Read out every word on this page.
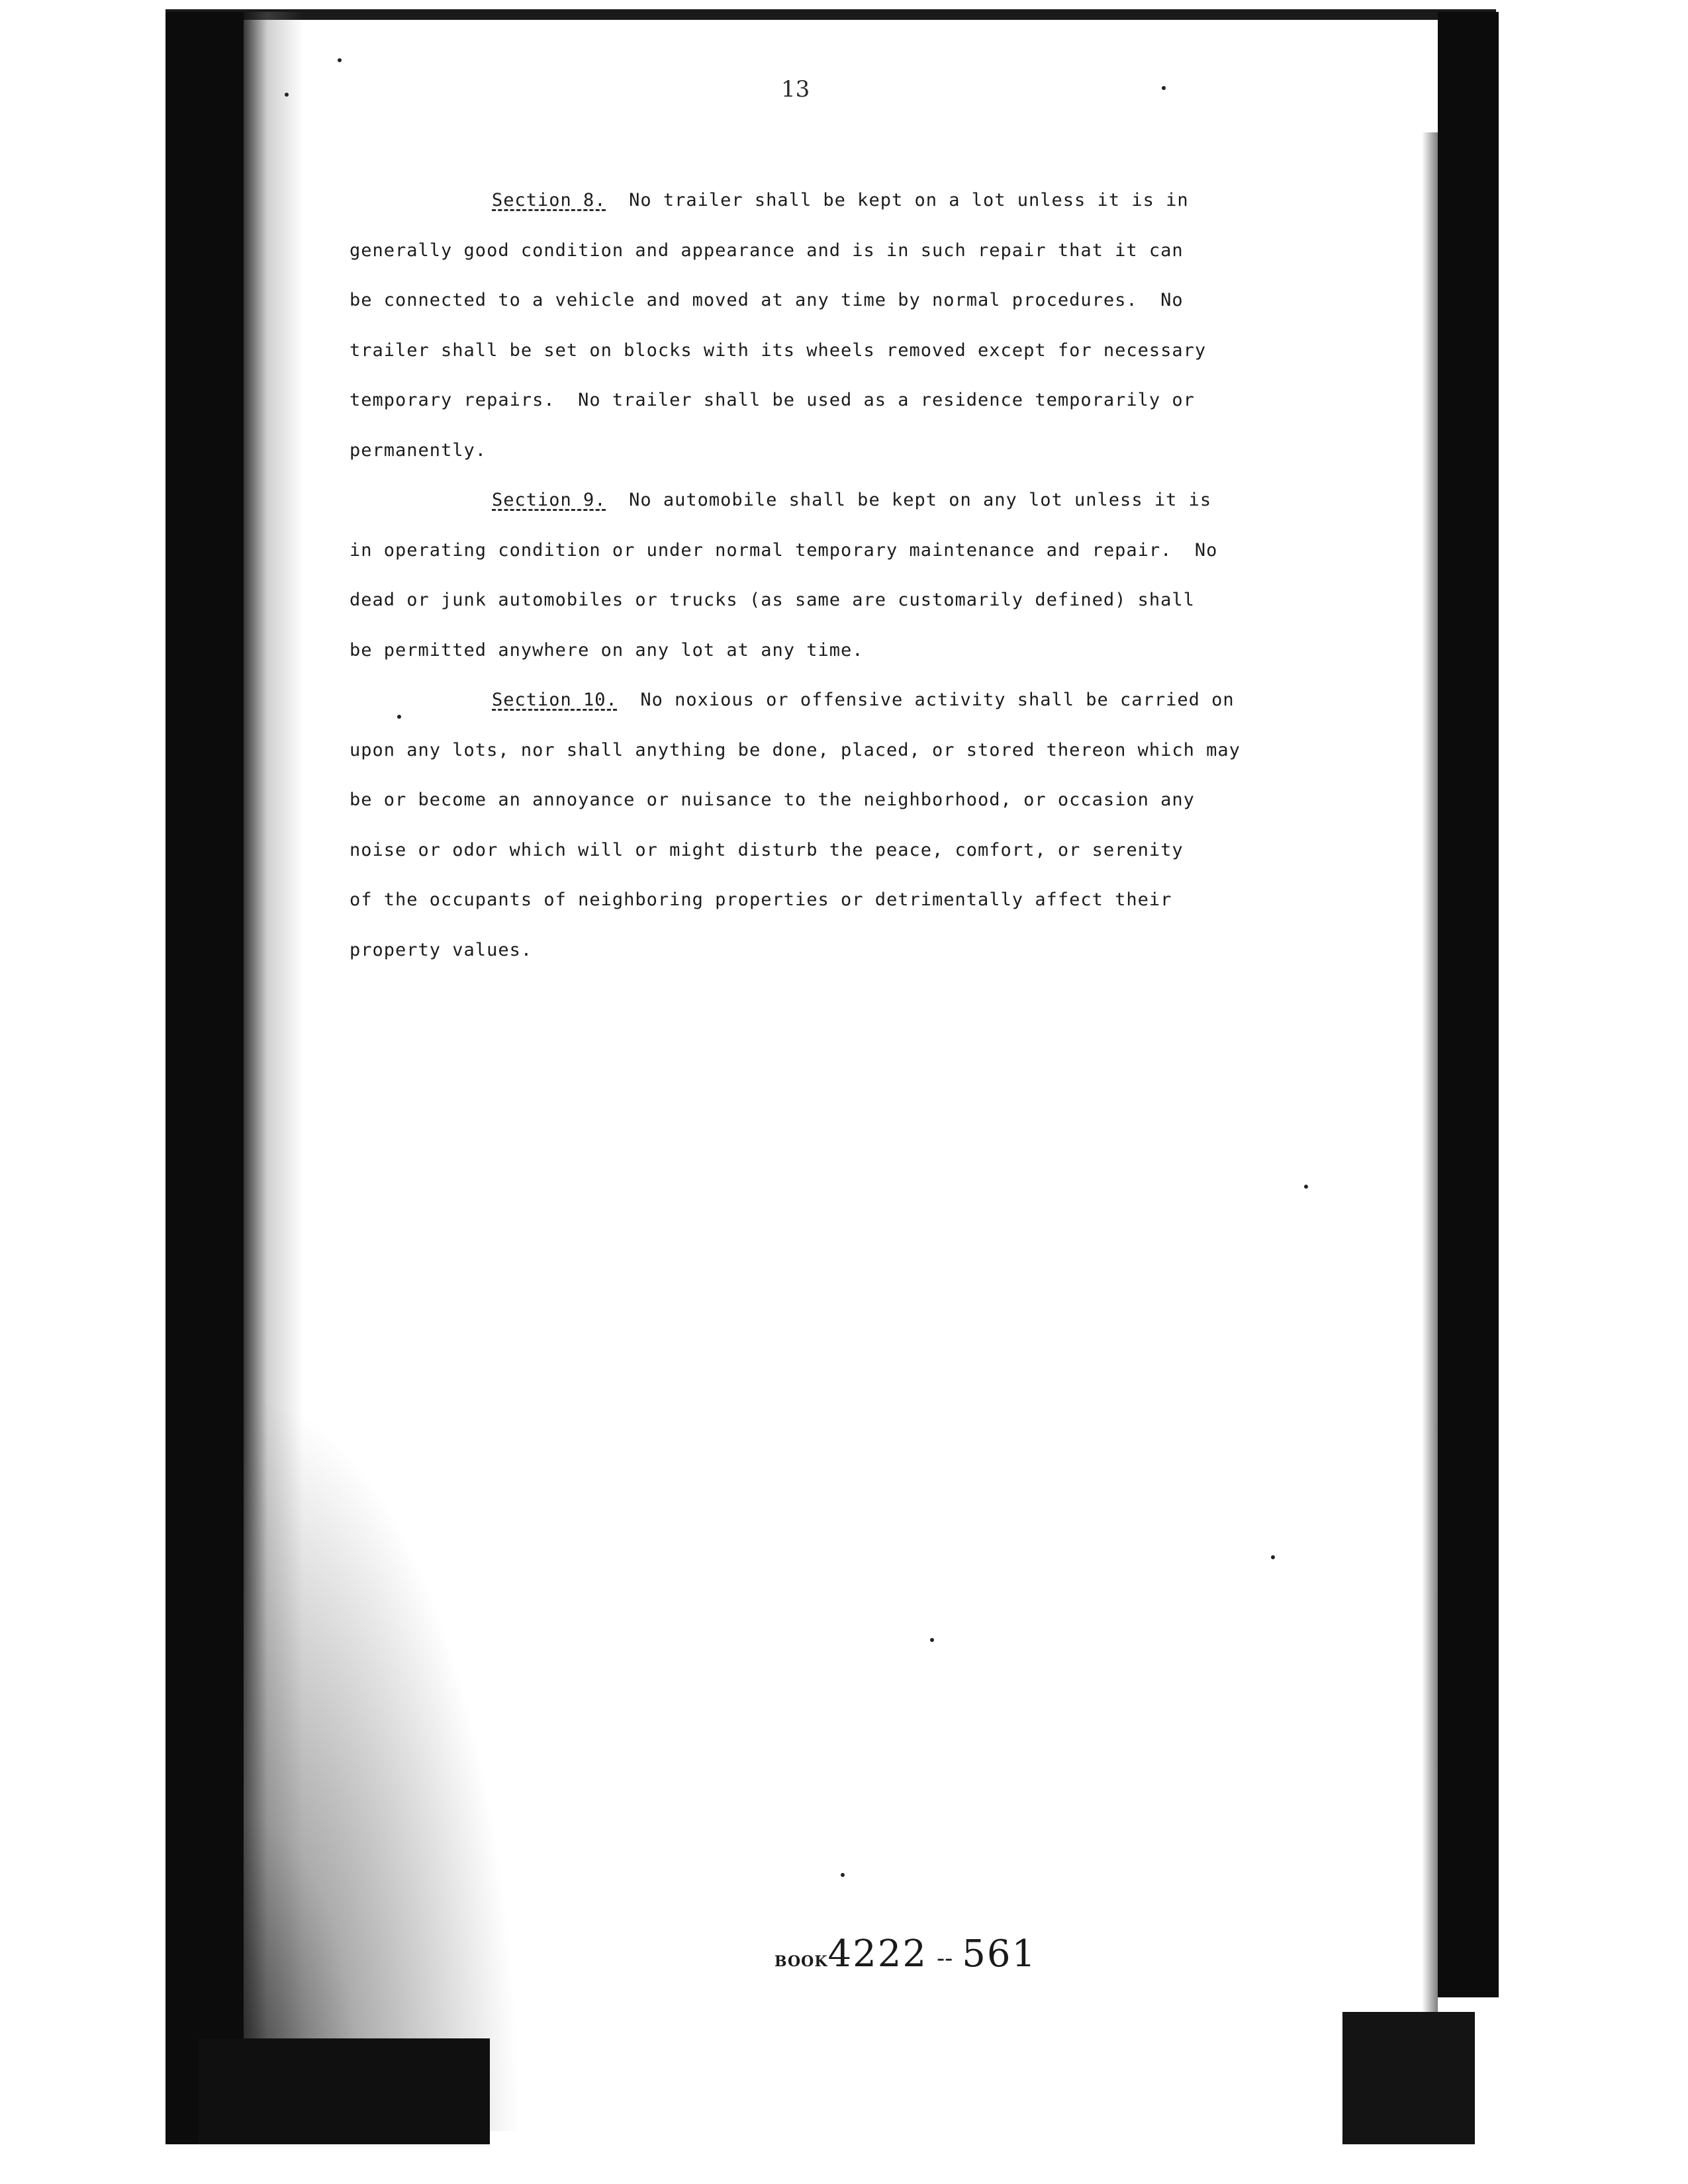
13
Section 8. No trailer shall be kept on a lot unless it is in
generally good condition and appearance and is in such repair that it can
be connected to a vehicle and moved at any time by normal procedures.  No
trailer shall be set on blocks with its wheels removed except for necessary
temporary repairs.  No trailer shall be used as a residence temporarily or
permanently.
Section 9. No automobile shall be kept on any lot unless it is
in operating condition or under normal temporary maintenance and repair.  No
dead or junk automobiles or trucks (as same are customarily defined) shall
be permitted anywhere on any lot at any time.
Section 10. No noxious or offensive activity shall be carried on
upon any lots, nor shall anything be done, placed, or stored thereon which may
be or become an annoyance or nuisance to the neighborhood, or occasion any
noise or odor which will or might disturb the peace, comfort, or serenity
of the occupants of neighboring properties or detrimentally affect their
property values.
BOOK4222 -- 561
